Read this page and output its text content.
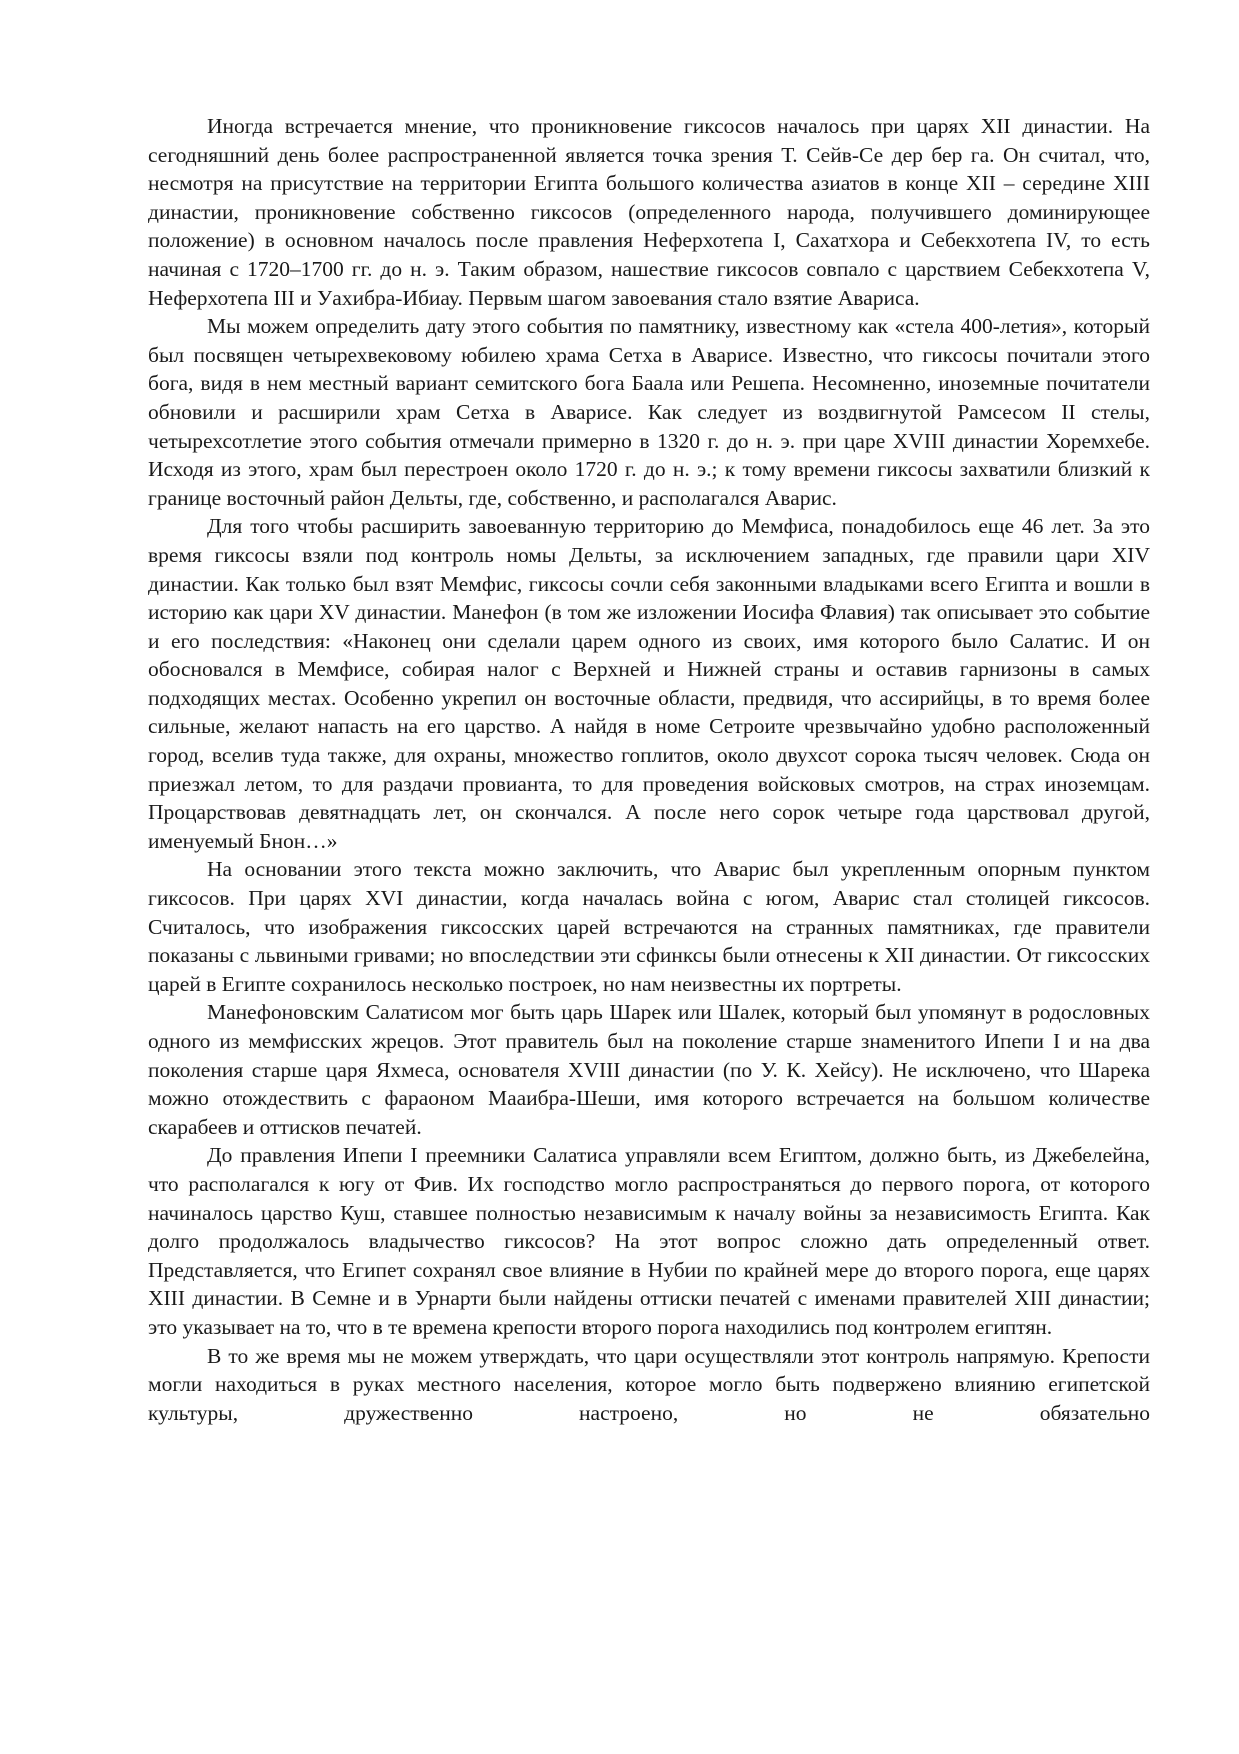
Иногда встречается мнение, что проникновение гиксосов началось при царях XII династии. На сегодняшний день более распространенной является точка зрения Т. Сейв-Се дер бер га. Он считал, что, несмотря на присутствие на территории Египта большого количества азиатов в конце XII – середине XIII династии, проникновение собственно гиксосов (определенного народа, получившего доминирующее положение) в основном началось после правления Неферхотепа I, Сахатхора и Себекхотепа IV, то есть начиная с 1720–1700 гг. до н. э. Таким образом, нашествие гиксосов совпало с царствием Себекхотепа V, Неферхотепа III и Уахибра-Ибиау. Первым шагом завоевания стало взятие Авариса.

Мы можем определить дату этого события по памятнику, известному как «стела 400-летия», который был посвящен четырехвековому юбилею храма Сетха в Аварисе. Известно, что гиксосы почитали этого бога, видя в нем местный вариант семитского бога Баала или Решепа. Несомненно, иноземные почитатели обновили и расширили храм Сетха в Аварисе. Как следует из воздвигнутой Рамсесом II стелы, четырехсотлетие этого события отмечали примерно в 1320 г. до н. э. при царе XVIII династии Хоремхебе. Исходя из этого, храм был перестроен около 1720 г. до н. э.; к тому времени гиксосы захватили близкий к границе восточный район Дельты, где, собственно, и располагался Аварис.

Для того чтобы расширить завоеванную территорию до Мемфиса, понадобилось еще 46 лет. За это время гиксосы взяли под контроль номы Дельты, за исключением западных, где правили цари XIV династии. Как только был взят Мемфис, гиксосы сочли себя законными владыками всего Египта и вошли в историю как цари XV династии. Манефон (в том же изложении Иосифа Флавия) так описывает это событие и его последствия: «Наконец они сделали царем одного из своих, имя которого было Салатис. И он обосновался в Мемфисе, собирая налог с Верхней и Нижней страны и оставив гарнизоны в самых подходящих местах. Особенно укрепил он восточные области, предвидя, что ассирийцы, в то время более сильные, желают напасть на его царство. А найдя в номе Сетроите чрезвычайно удобно расположенный город, вселив туда также, для охраны, множество гоплитов, около двухсот сорока тысяч человек. Сюда он приезжал летом, то для раздачи провианта, то для проведения войсковых смотров, на страх иноземцам. Процарствовав девятнадцать лет, он скончался. А после него сорок четыре года царствовал другой, именуемый Бнон…»

На основании этого текста можно заключить, что Аварис был укрепленным опорным пунктом гиксосов. При царях XVI династии, когда началась война с югом, Аварис стал столицей гиксосов. Считалось, что изображения гиксосских царей встречаются на странных памятниках, где правители показаны с львиными гривами; но впоследствии эти сфинксы были отнесены к XII династии. От гиксосских царей в Египте сохранилось несколько построек, но нам неизвестны их портреты.

Манефоновским Салатисом мог быть царь Шарек или Шалек, который был упомянут в родословных одного из мемфисских жрецов. Этот правитель был на поколение старше знаменитого Ипепи I и на два поколения старше царя Яхмеса, основателя XVIII династии (по У. К. Хейсу). Не исключено, что Шарека можно отождествить с фараоном Мааибра-Шеши, имя которого встречается на большом количестве скарабеев и оттисков печатей.

До правления Ипепи I преемники Салатиса управляли всем Египтом, должно быть, из Джебелейна, что располагался к югу от Фив. Их господство могло распространяться до первого порога, от которого начиналось царство Куш, ставшее полностью независимым к началу войны за независимость Египта. Как долго продолжалось владычество гиксосов? На этот вопрос сложно дать определенный ответ. Представляется, что Египет сохранял свое влияние в Нубии по крайней мере до второго порога, еще царях XIII династии. В Семне и в Урнарти были найдены оттиски печатей с именами правителей XIII династии; это указывает на то, что в те времена крепости второго порога находились под контролем египтян.

В то же время мы не можем утверждать, что цари осуществляли этот контроль напрямую. Крепости могли находиться в руках местного населения, которое могло быть подвержено влиянию египетской культуры, дружественно настроено, но не обязательно
